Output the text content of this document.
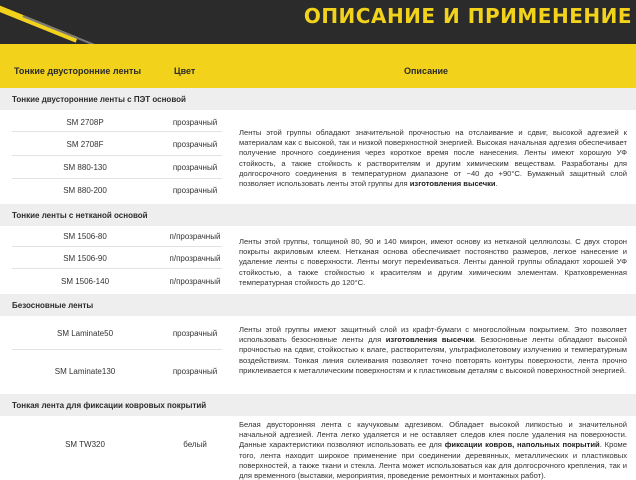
ОПИСАНИЕ И ПРИМЕНЕНИЕ
Тонкие двусторонние ленты	Цвет	Описание
Тонкие двусторонние ленты с ПЭТ основой
SM 2708P	прозрачный
SM 2708F	прозрачный
SM 880-130	прозрачный
SM 880-200	прозрачный
Ленты этой группы обладают значительной прочностью на отслаивание и сдвиг, высокой адгезией к материалам как с высокой, так и низкой поверхностной энергией. Высокая начальная адгезия обеспечивает получение прочного соединения через короткое время после нанесения. Ленты имеют хорошую УФ стойкость, а также стойкость к растворителям и другим химическим веществам. Разработаны для долгосрочного соединения в температурном диапазоне от −40 до +90°С. Бумажный защитный слой позволяет использовать ленты этой группы для изготовления высечки.
Тонкие ленты с нетканой основой
SM 1506-80	п/прозрачный
SM 1506-90	п/прозрачный
SM 1506-140	п/прозрачный
Ленты этой группы, толщиной 80, 90 и 140 микрон, имеют основу из нетканой целлюлозы. С двух сторон покрыты акриловым клеем. Нетканая основа обеспечивает постоянство размеров, легкое нанесение и удаление ленты с поверхности. Ленты могут перекleиваться. Ленты данной группы обладают хорошей УФ стойкостью, а также стойкостью к красителям и другим химическим элементам. Кратковременная температурная стойкость до 120°С.
Безосновные ленты
SM Laminate50	прозрачный
SM Laminate130	прозрачный
Ленты этой группы имеют защитный слой из крафт-бумаги с многослойным покрытием. Это позволяет использовать безосновные ленты для изготовления высечки. Безосновные ленты обладают высокой прочностью на сдвиг, стойкостью к влаге, растворителям, ультрафиолетовому излучению и температурным воздействиям. Тонкая линия склеивания позволяет точно повторять контуры поверхности, лента прочно приклеивается к металлическим поверхностям и к пластиковым деталям с высокой поверхностной энергией.
Тонкая лента для фиксации ковровых покрытий
SM TW320	белый
Белая двусторонняя лента с каучуковым адгезивом. Обладает высокой липкостью и значительной начальной адгезией. Лента легко удаляется и не оставляет следов клея после удаления на поверхности. Данные характеристики позволяют использовать ее для фиксации ковров, напольных покрытий. Кроме того, лента находит широкое применение при соединении деревянных, металлических и пластиковых поверхностей, а также ткани и стекла. Лента может использоваться как для долгосрочного крепления, так и для временного (выставки, мероприятия, проведение ремонтных и монтажных работ).
